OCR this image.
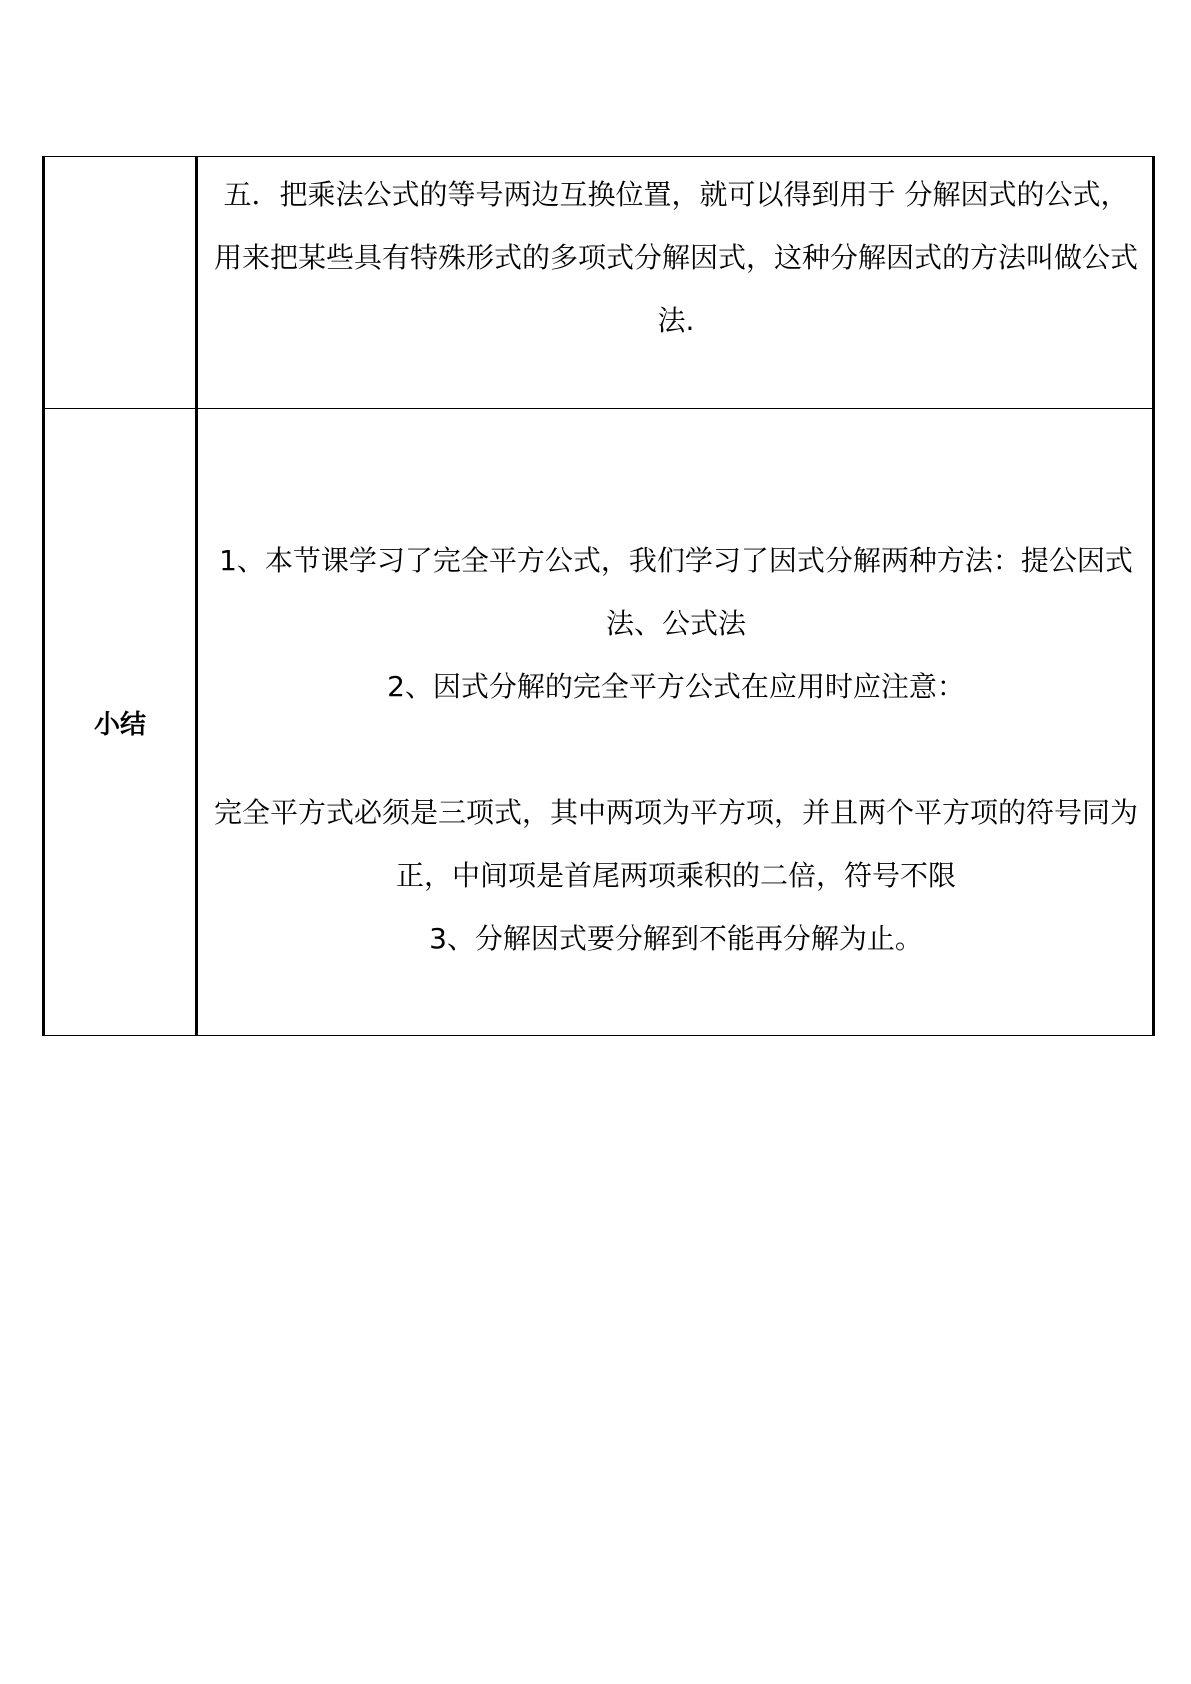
	五．把乘法公式的等号两边互换位置，就可以得到用于 分解因式的公式，用来把某些具有特殊形式的多项式分解因式，这种分解因式的方法叫做公式法.

小结	1、本节课学习了完全平方公式，我们学习了因式分解两种方法：提公因式法、公式法

2、因式分解的完全平方公式在应用时应注意：

完全平方式必须是三项式，其中两项为平方项，并且两个平方项的符号同为正，中间项是首尾两项乘积的二倍，符号不限

3、分解因式要分解到不能再分解为止。
